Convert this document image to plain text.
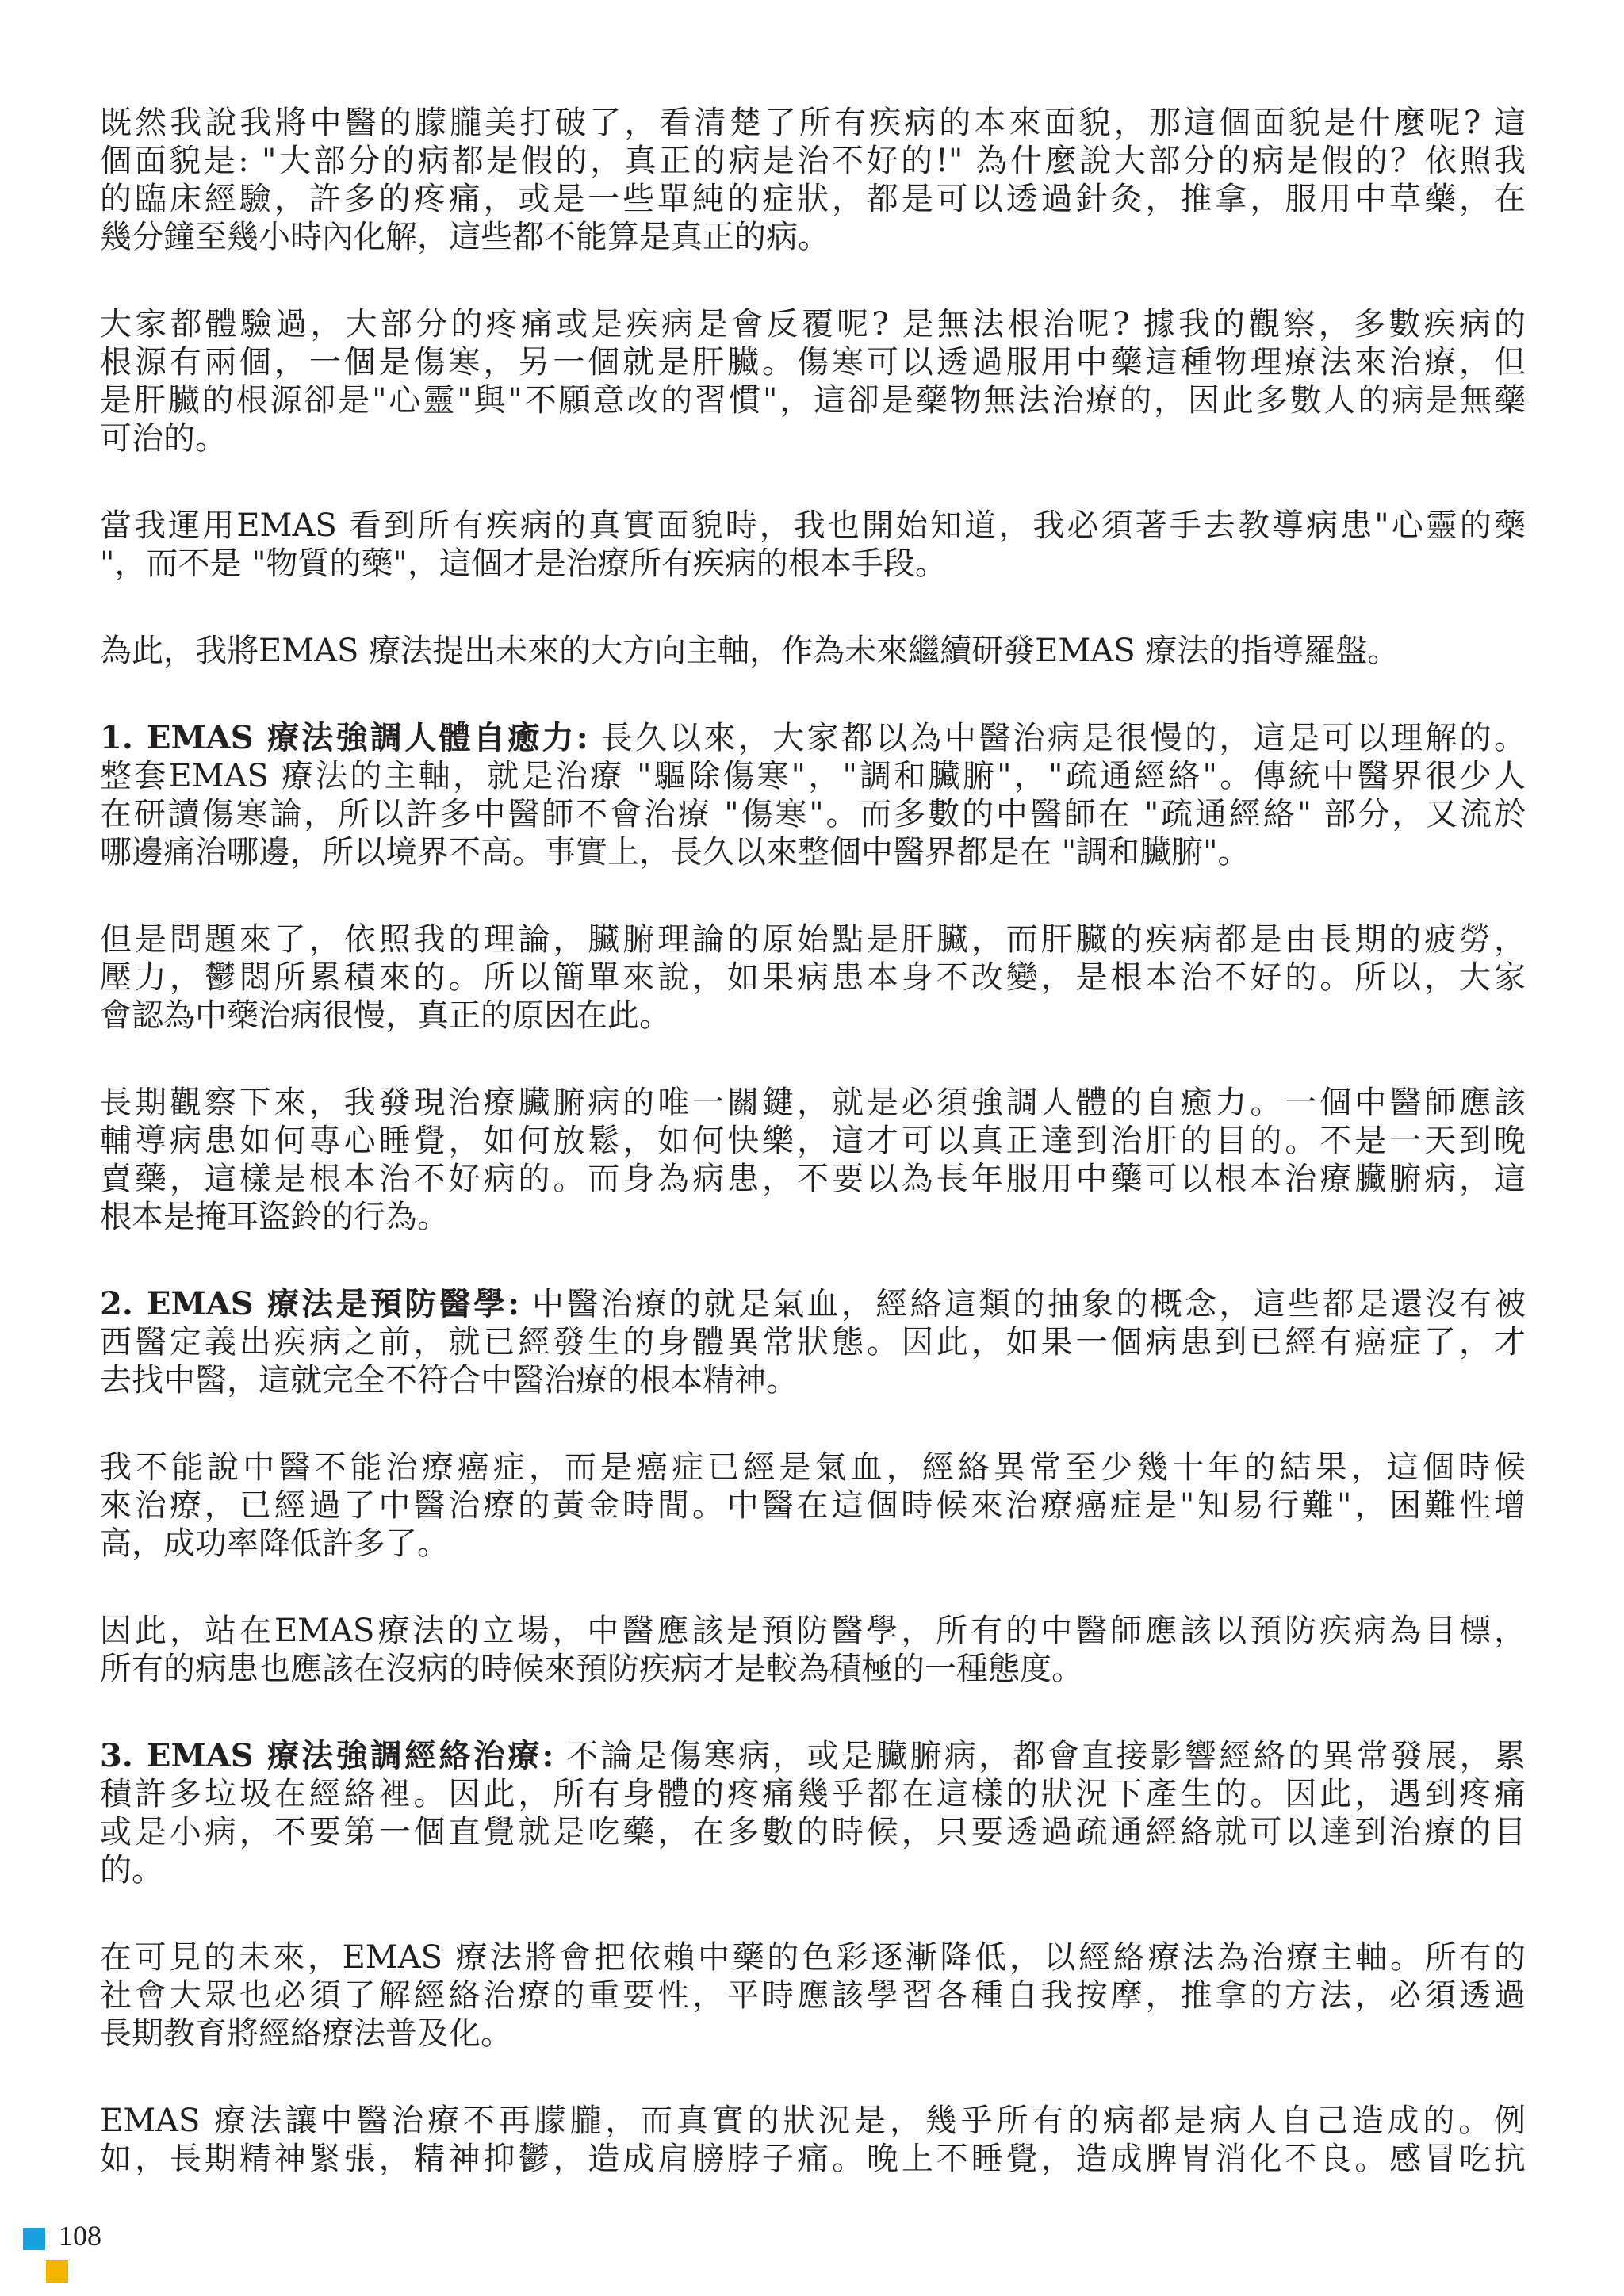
既然我說我將中醫的朦朧美打破了，看清楚了所有疾病的本來面貌，那這個面貌是什麼呢? 這
個面貌是: "大部分的病都是假的，真正的病是治不好的!" 為什麼說大部分的病是假的？依照我
的臨床經驗，許多的疼痛，或是一些單純的症狀，都是可以透過針灸，推拿，服用中草藥，在
幾分鐘至幾小時內化解，這些都不能算是真正的病。
大家都體驗過，大部分的疼痛或是疾病是會反覆呢? 是無法根治呢? 據我的觀察，多數疾病的
根源有兩個，一個是傷寒，另一個就是肝臟。傷寒可以透過服用中藥這種物理療法來治療，但
是肝臟的根源卻是"心靈"與"不願意改的習慣"，這卻是藥物無法治療的，因此多數人的病是無藥
可治的。
當我運用EMAS 看到所有疾病的真實面貌時，我也開始知道，我必須著手去教導病患"心靈的藥
"，而不是 "物質的藥"，這個才是治療所有疾病的根本手段。
為此，我將EMAS 療法提出未來的大方向主軸，作為未來繼續研發EMAS 療法的指導羅盤。
1. EMAS 療法強調人體自癒力: 長久以來，大家都以為中醫治病是很慢的，這是可以理解的。
整套EMAS 療法的主軸，就是治療 "驅除傷寒"，"調和臟腑"，"疏通經絡"。傳統中醫界很少人
在研讀傷寒論，所以許多中醫師不會治療 "傷寒"。而多數的中醫師在 "疏通經絡" 部分，又流於
哪邊痛治哪邊，所以境界不高。事實上，長久以來整個中醫界都是在 "調和臟腑"。
但是問題來了，依照我的理論，臟腑理論的原始點是肝臟，而肝臟的疾病都是由長期的疲勞，
壓力，鬱悶所累積來的。所以簡單來說，如果病患本身不改變，是根本治不好的。所以，大家
會認為中藥治病很慢，真正的原因在此。
長期觀察下來，我發現治療臟腑病的唯一關鍵，就是必須強調人體的自癒力。一個中醫師應該
輔導病患如何專心睡覺，如何放鬆，如何快樂，這才可以真正達到治肝的目的。不是一天到晚
賣藥，這樣是根本治不好病的。而身為病患，不要以為長年服用中藥可以根本治療臟腑病，這
根本是掩耳盜鈴的行為。
2. EMAS 療法是預防醫學: 中醫治療的就是氣血，經絡這類的抽象的概念，這些都是還沒有被
西醫定義出疾病之前，就已經發生的身體異常狀態。因此，如果一個病患到已經有癌症了，才
去找中醫，這就完全不符合中醫治療的根本精神。
我不能說中醫不能治療癌症，而是癌症已經是氣血，經絡異常至少幾十年的結果，這個時候
來治療，已經過了中醫治療的黃金時間。中醫在這個時候來治療癌症是"知易行難"，困難性增
高，成功率降低許多了。
因此，站在EMAS療法的立場，中醫應該是預防醫學，所有的中醫師應該以預防疾病為目標，
所有的病患也應該在沒病的時候來預防疾病才是較為積極的一種態度。
3. EMAS 療法強調經絡治療: 不論是傷寒病，或是臟腑病，都會直接影響經絡的異常發展，累
積許多垃圾在經絡裡。因此，所有身體的疼痛幾乎都在這樣的狀況下產生的。因此，遇到疼痛
或是小病，不要第一個直覺就是吃藥，在多數的時候，只要透過疏通經絡就可以達到治療的目
的。
在可見的未來，EMAS 療法將會把依賴中藥的色彩逐漸降低，以經絡療法為治療主軸。所有的
社會大眾也必須了解經絡治療的重要性，平時應該學習各種自我按摩，推拿的方法，必須透過
長期教育將經絡療法普及化。
EMAS 療法讓中醫治療不再朦朧，而真實的狀況是，幾乎所有的病都是病人自己造成的。例
如，長期精神緊張，精神抑鬱，造成肩膀脖子痛。晚上不睡覺，造成脾胃消化不良。感冒吃抗
108
